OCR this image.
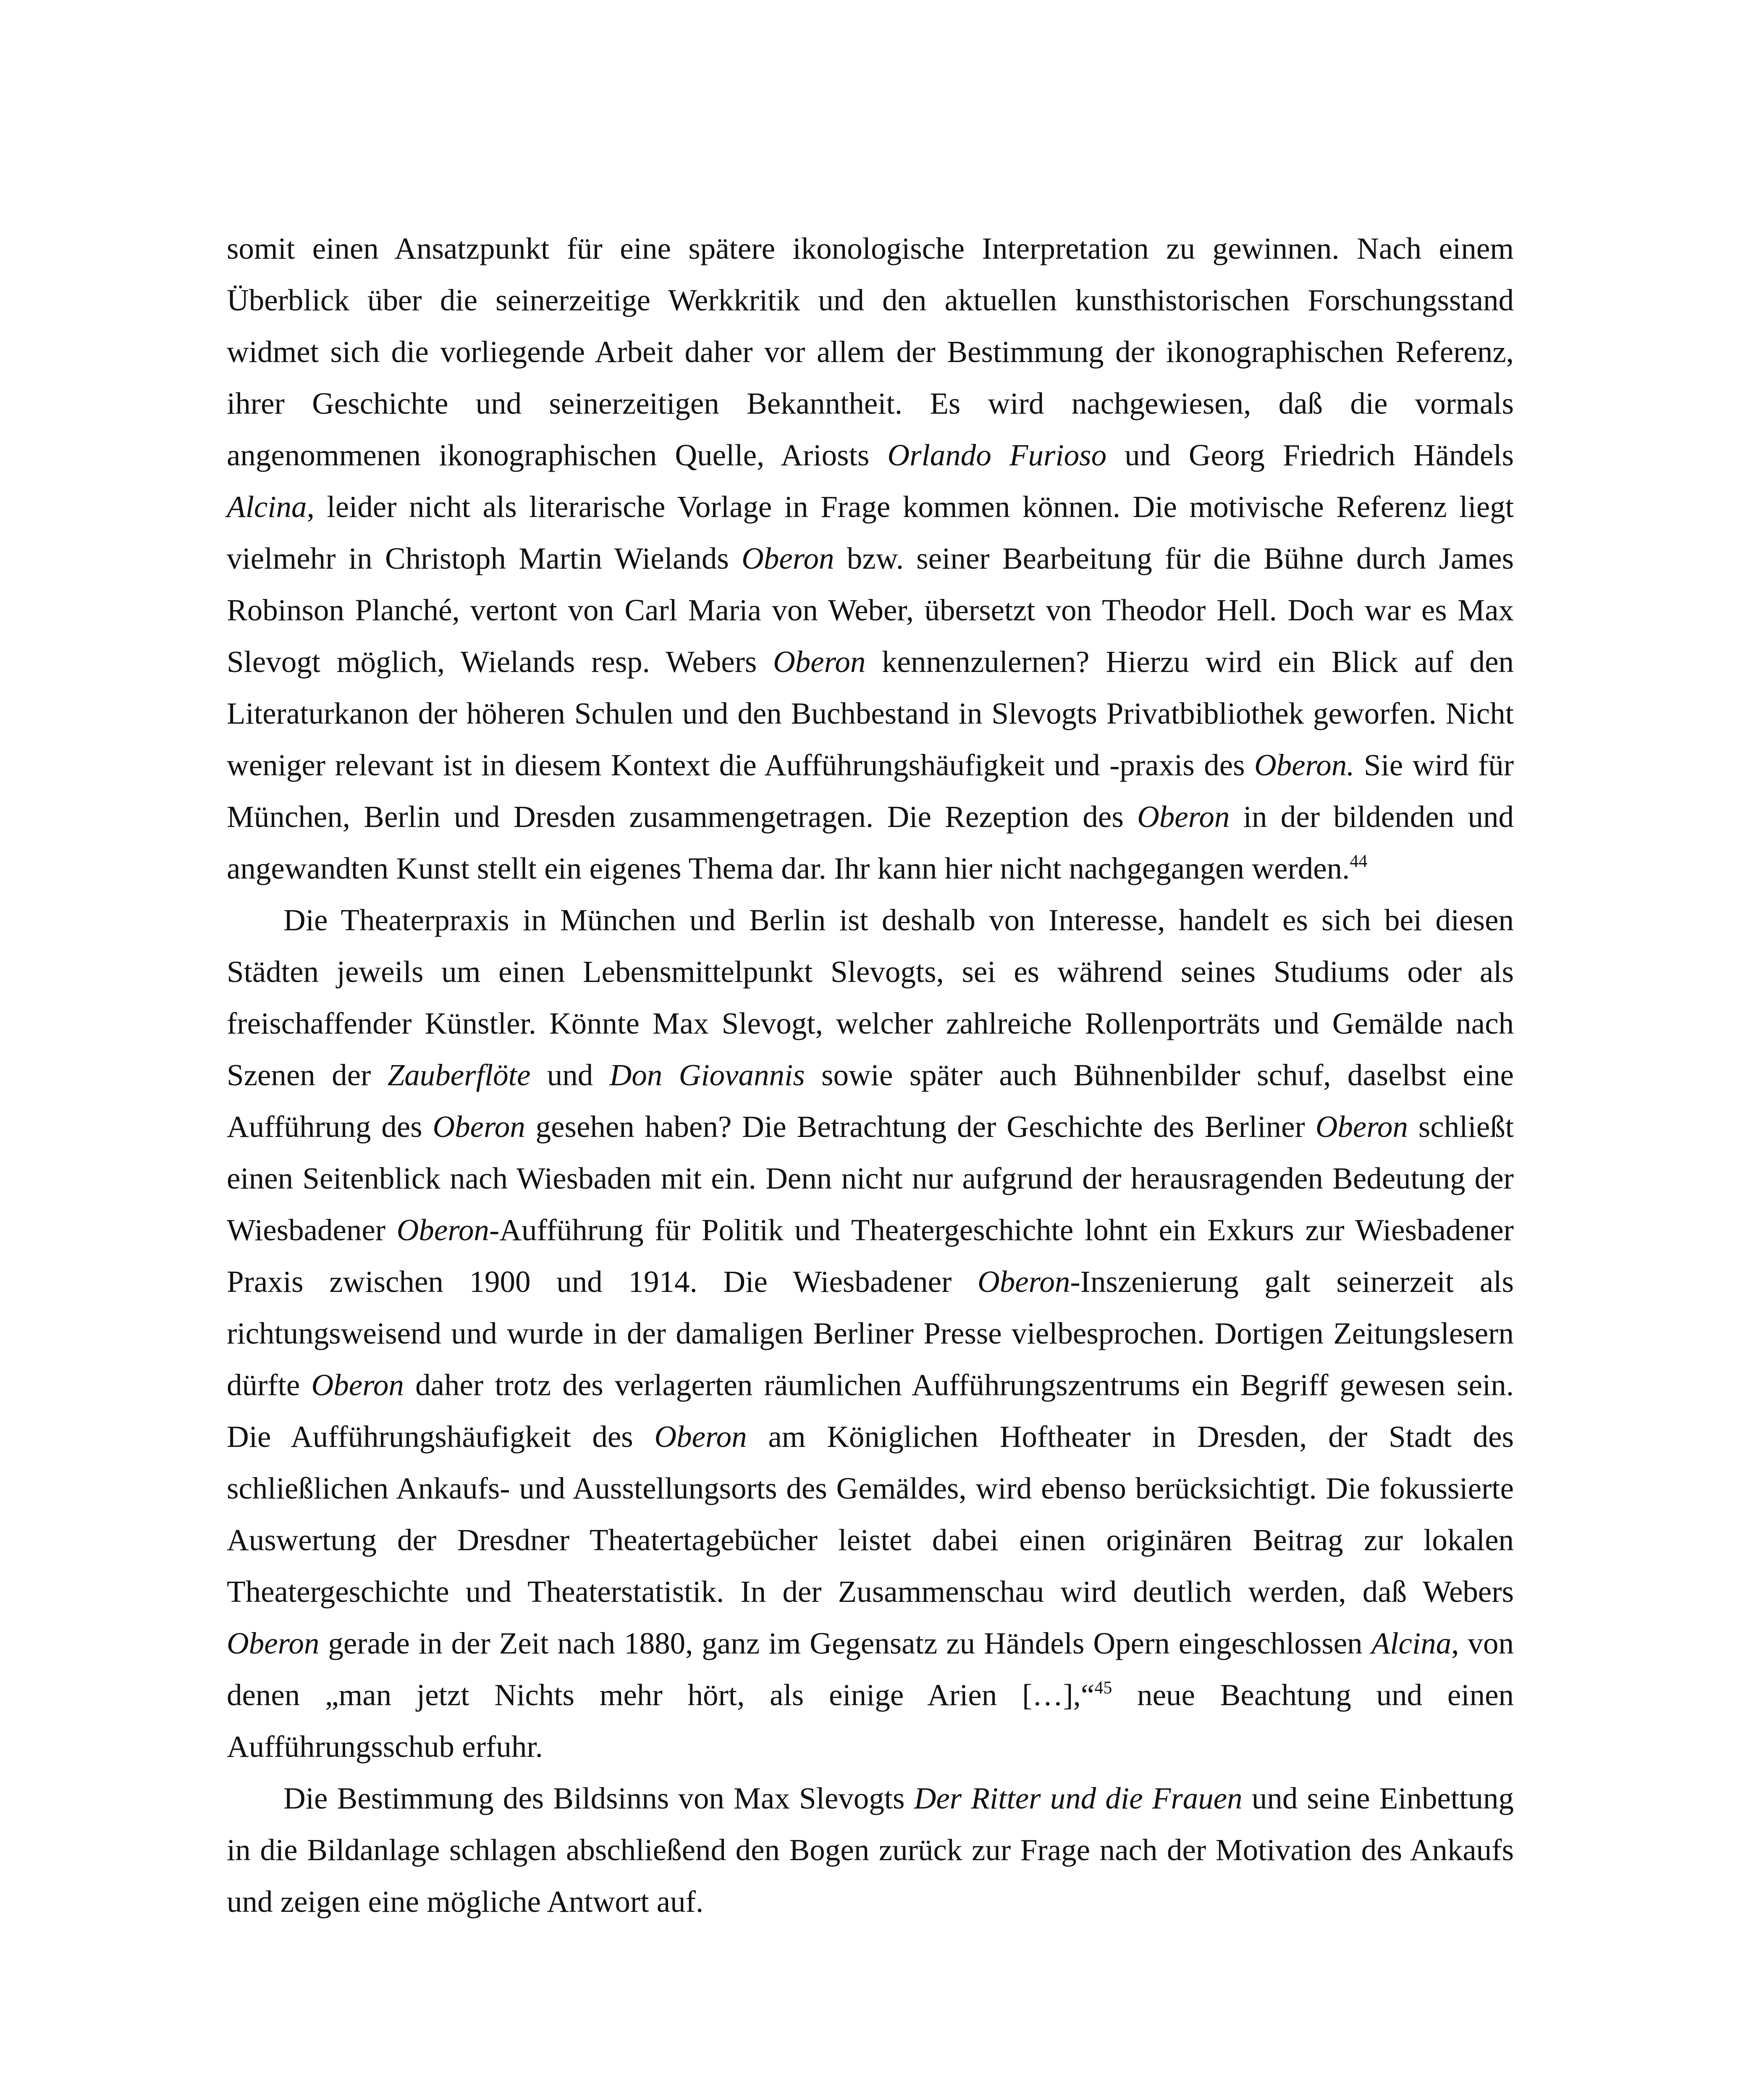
somit einen Ansatzpunkt für eine spätere ikonologische Interpretation zu gewinnen. Nach einem Überblick über die seinerzeitige Werkkritik und den aktuellen kunsthistorischen Forschungsstand widmet sich die vorliegende Arbeit daher vor allem der Bestimmung der ikonographischen Referenz, ihrer Geschichte und seinerzeitigen Bekanntheit. Es wird nachgewiesen, daß die vormals angenommenen ikonographischen Quelle, Ariosts Orlando Furioso und Georg Friedrich Händels Alcina, leider nicht als literarische Vorlage in Frage kommen können. Die motivische Referenz liegt vielmehr in Christoph Martin Wielands Oberon bzw. seiner Bearbeitung für die Bühne durch James Robinson Planché, vertont von Carl Maria von Weber, übersetzt von Theodor Hell. Doch war es Max Slevogt möglich, Wielands resp. Webers Oberon kennenzulernen? Hierzu wird ein Blick auf den Literaturkanon der höheren Schulen und den Buchbestand in Slevogts Privatbibliothek geworfen. Nicht weniger relevant ist in diesem Kontext die Aufführungshäufigkeit und -praxis des Oberon. Sie wird für München, Berlin und Dresden zusammengetragen. Die Rezeption des Oberon in der bildenden und angewandten Kunst stellt ein eigenes Thema dar. Ihr kann hier nicht nachgegangen werden.$^{44}$

Die Theaterpraxis in München und Berlin ist deshalb von Interesse, handelt es sich bei diesen Städten jeweils um einen Lebensmittelpunkt Slevogts, sei es während seines Studiums oder als freischaffender Künstler. Könnte Max Slevogt, welcher zahlreiche Rollenporträts und Gemälde nach Szenen der Zauberflöte und Don Giovannis sowie später auch Bühnenbilder schuf, daselbst eine Aufführung des Oberon gesehen haben? Die Betrachtung der Geschichte des Berliner Oberon schließt einen Seitenblick nach Wiesbaden mit ein. Denn nicht nur aufgrund der herausragenden Bedeutung der Wiesbadener Oberon-Aufführung für Politik und Theatergeschichte lohnt ein Exkurs zur Wiesbadener Praxis zwischen 1900 und 1914. Die Wiesbadener Oberon-Inszenierung galt seinerzeit als richtungsweisend und wurde in der damaligen Berliner Presse vielbesprochen. Dortigen Zeitungslesern dürfte Oberon daher trotz des verlagerten räumlichen Aufführungszentrums ein Begriff gewesen sein. Die Aufführungshäufigkeit des Oberon am Königlichen Hoftheater in Dresden, der Stadt des schließlichen Ankaufs- und Ausstellungsorts des Gemäldes, wird ebenso berücksichtigt. Die fokussierte Auswertung der Dresdner Theatertagebücher leistet dabei einen originären Beitrag zur lokalen Theatergeschichte und Theaterstatistik. In der Zusammenschau wird deutlich werden, daß Webers Oberon gerade in der Zeit nach 1880, ganz im Gegensatz zu Händels Opern eingeschlossen Alcina, von denen „man jetzt Nichts mehr hört, als einige Arien […],“$^{45}$ neue Beachtung und einen Aufführungsschub erfuhr.

Die Bestimmung des Bildsinns von Max Slevogts Der Ritter und die Frauen und seine Einbettung in die Bildanlage schlagen abschließend den Bogen zurück zur Frage nach der Motivation des Ankaufs und zeigen eine mögliche Antwort auf.
